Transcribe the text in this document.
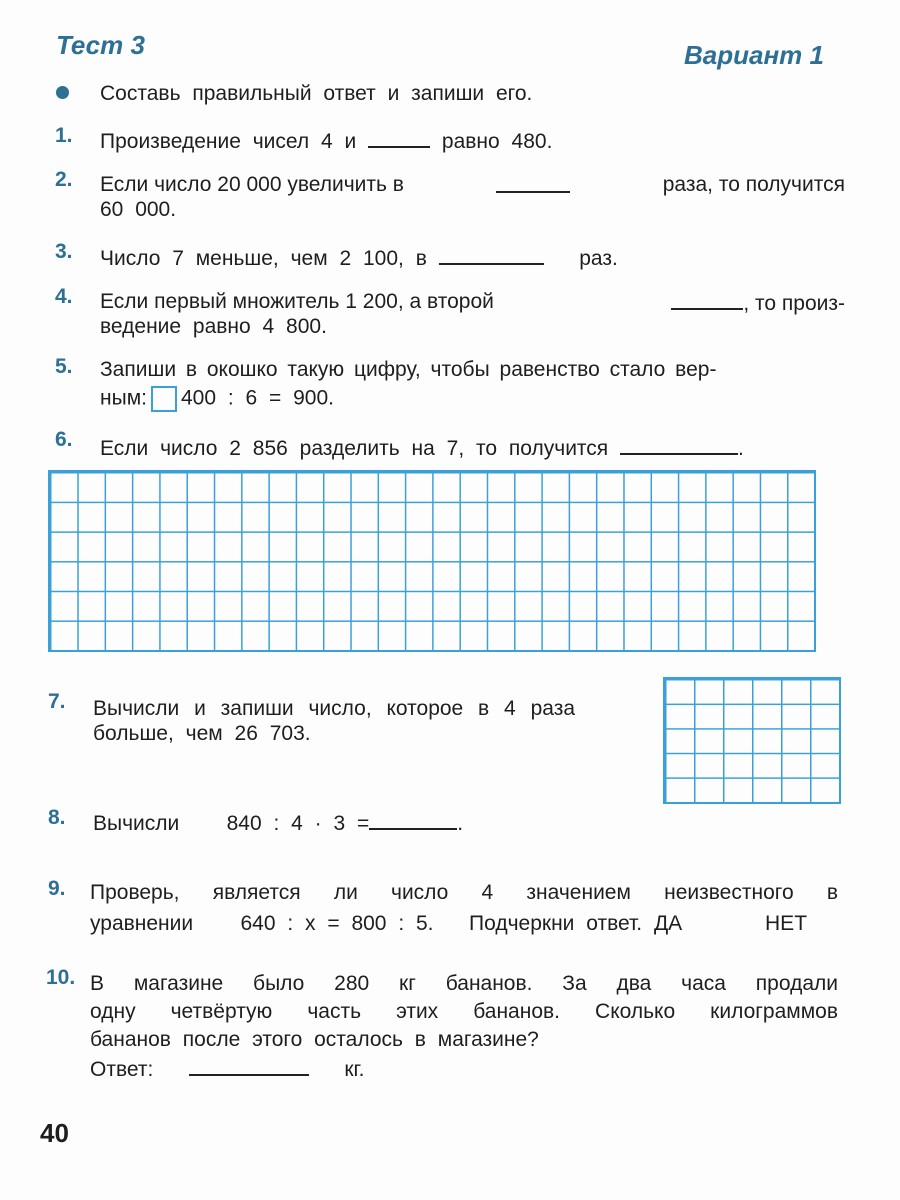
Тест 3	Вариант 1
Составь правильный ответ и запиши его.
1. Произведение чисел 4 и	равно 480.
2. Если число 20 000 увеличить в	раза, то получится
60 000.
3. Число 7 меньше, чем 2 100, в	раз.
4. Если первый множитель 1 200, а второй	, то произ-
ведение равно 4 800.
5. Запиши в окошко такую цифру, чтобы равенство стало вер-
ным: 400 : 6 = 900.
6. Если число 2 856 разделить на 7, то получится	.
7. Вычисли и запиши число, которое в 4 раза
больше, чем 26 703.
8. Вычисли 840 : 4 · 3 =	.
9. Проверь, является ли число 4 значением неизвестного в
уравнении 640 : x = 800 : 5. Подчеркни ответ. ДА	НЕТ
10. В магазине было 280 кг бананов. За два часа продали
одну четвёртую часть этих бананов. Сколько килограммов
бананов после этого осталось в магазине?
Ответ:	кг.
40
